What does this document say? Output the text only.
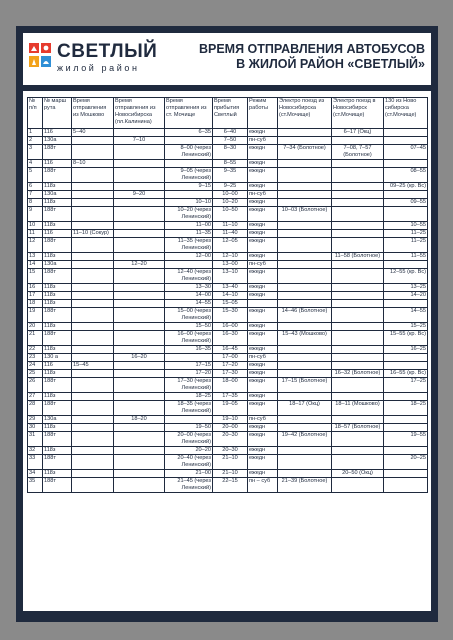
СВЕТЛЫЙ
жилой район
ВРЕМЯ ОТПРАВЛЕНИЯ АВТОБУСОВ
В ЖИЛОЙ РАЙОН «СВЕТЛЫЙ»
№ п/п	№ марш рута	Время отправления из Мошково	Время отправления из Новосибирска (пл.Калинина)	Время отправления из ст. Мочище	Время прибытия Светлый	Режим работы	Электро поезд из Новосибирска (ст.Мочище)	Электро поезд в Новосибирск (ст.Мочище)	130 из Ново сибирска (ст.Мочище)
1	116	5–40		6–35	6–40	ежедн		6–17 (Окц)	
2	130а		7–10		7–50	пн-суб			
3	188т			8–00 (через Ленинский)	8–30	ежедн	7–34 (Болотное)	7–08, 7–57 (Болотное)	07–45
4	116	8–10			8–55	ежедн			
5	188т			9–05 (через Ленинский)	9–35	ежедн			08–55
6	118з			9–15	9–25	ежедн			09–25 (кр. Вс)
7	130а		9–20		10–00	пн-суб			
8	118з			10–10	10–20	ежедн			09–55
9	188т			10–20 (через Ленинский)	10–50	ежедн	10–03 (Болотное)		
10	118з			11–00	11–10	ежедн			10–55
11	116	11–10 (Сокур)		11–35	11–40	ежедн			11–25
12	188т			11–35 (через Ленинский)	12–05	ежедн			11–25
13	118з			12–00	12–10	ежедн		11–58 (Болотное)	11–55
14	130а		12–20		13–00	пн-суб			
15	188т			12–40 (через Ленинский)	13–10	ежедн			12–55 (кр. Вс)
16	118з			13–30	13–40	ежедн			13–25
17	118з			14–00	14–10	ежедн			14–20
18	118з			14–55	15–05				
19	188т			15–00 (через Ленинский)	15–30	ежедн	14–46 (Болотное)		14–55
20	118з			15–50	16–00	ежедн			15–25
21	188т			16–00 (через Ленинский)	16–30	ежедн	15–43 (Мошково)		15–55 (кр. Вс)
22	118з			16–35	16–45	ежедн			16–25
23	130 а		16–20		17–00	пн-суб			
24	116	15–45		17–15	17–20	ежедн			
25	118з			17–20	17–30	ежедн		16–32 (Болотное)	16–55 (кр. Вс)
26	188т			17–30 (через Ленинский)	18–00	ежедн	17–15 (Болотное)		17–25
27	118з			18–25	17–35	ежедн			
28	188т			18–35 (через Ленинский)	19–05	ежедн	18–17 (Окц)	18–11 (Мошково)	18–25
29	130а		18–20		19–10	пн-суб			
30	118з			19–50	20–00	ежедн		18–57 (Болотное)	
31	188т			20–00 (через Ленинский)	20–30	ежедн	19–42 (Болотное)		19–55
32	118з			20–20	20–30	ежедн			
33	188т			20–40 (через Ленинский)	21–10	ежедн			20–25
34	118з			21–00	21–10	ежедн		20–50 (Окц)	
35	188т			21–45 (через Ленинский)	22–15	пн – суб	21–39 (Болотное)		
